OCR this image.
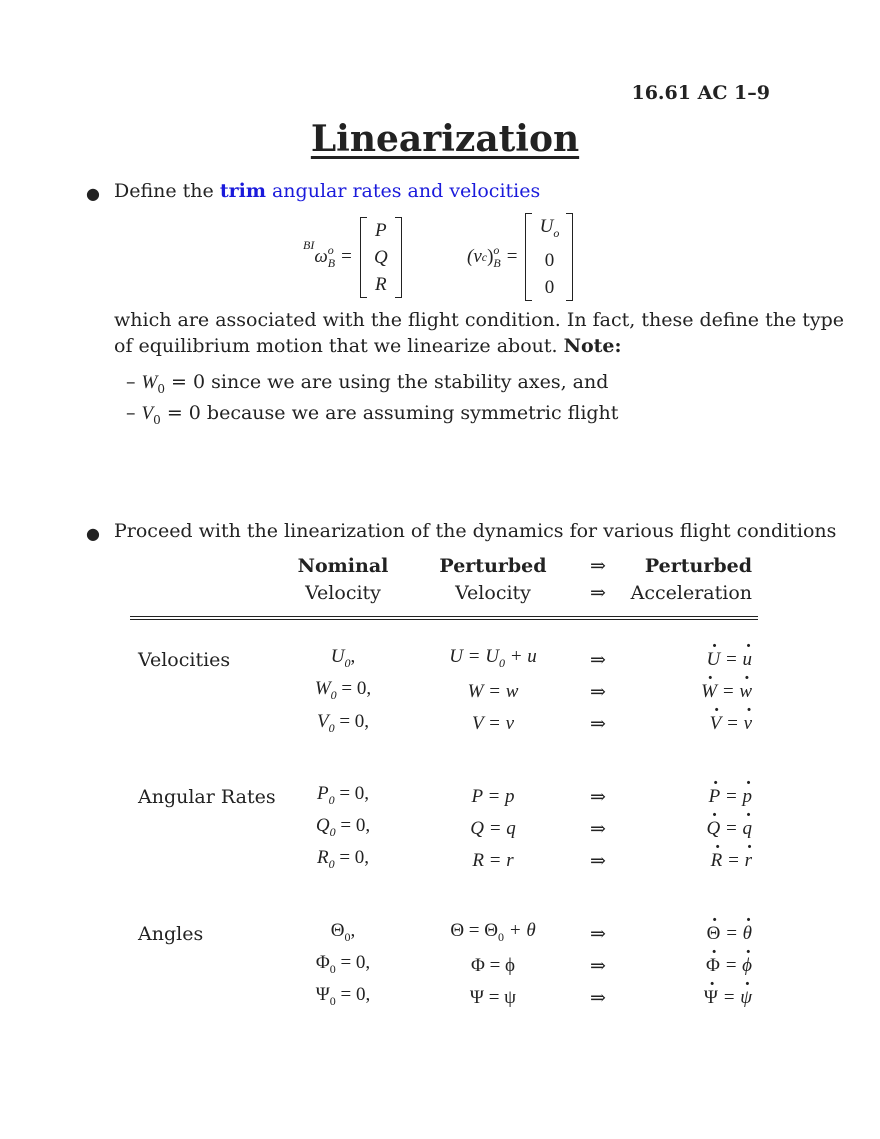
16.61 AC 1–9
Linearization
● Define the trim angular rates and velocities
BI
ω o
B =
P
Q
R
(v c ) o
B =
$U_o$
0
0
which are associated with the flight condition. In fact, these define the type
of equilibrium motion that we linearize about. Note:
– $W_0 = 0$ since we are using the stability axes, and
– $V_0 = 0$ because we are assuming symmetric flight
● Proceed with the linearization of the dynamics for various flight conditions
	Nominal	Perturbed	⇒	Perturbed
	Velocity	Velocity	⇒	Acceleration

Velocities	$U_0$,	$U = U_0 + u$	⇒	· U = · u
	$W_0 = 0$,	W = w	⇒	· W = · w
	$V_0 = 0$,	V = v	⇒	· V = · v

Angular Rates	$P_0 = 0$,	P = p	⇒	· P = · p
	$Q_0 = 0$,	Q = q	⇒	· Q = · q
	$R_0 = 0$,	R = r	⇒	· R = · r

Angles	$\Theta_0$,	$\Theta = \Theta_0 + \theta$	⇒	· Θ = · θ
	$\Phi_0 = 0$,	Φ = ϕ	⇒	· Φ = · ϕ
	$\Psi_0 = 0$,	Ψ = ψ	⇒	· Ψ = · ψ
